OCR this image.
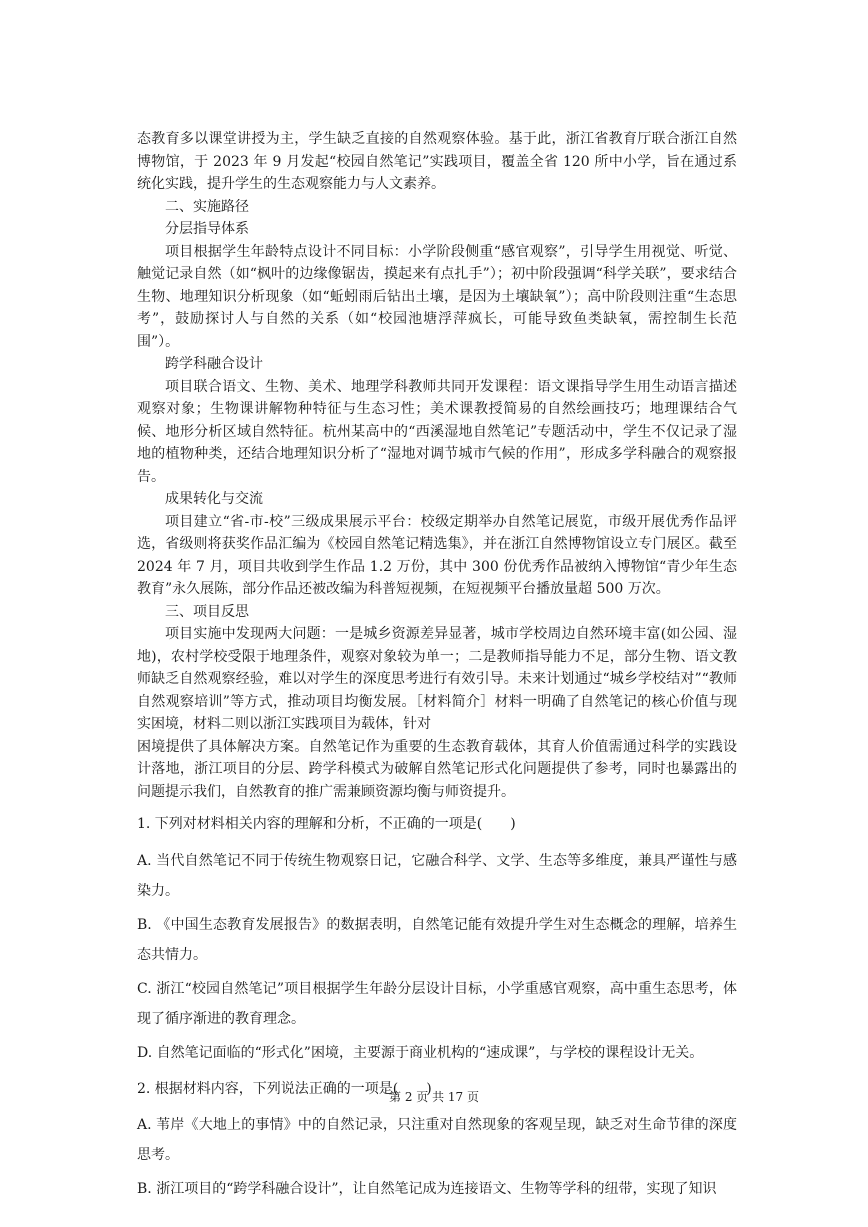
态教育多以课堂讲授为主，学生缺乏直接的自然观察体验。基于此，浙江省教育厅联合浙江自然博物馆，于 2023 年 9 月发起“校园自然笔记”实践项目，覆盖全省 120 所中小学，旨在通过系统化实践，提升学生的生态观察能力与人文素养。

二、实施路径

分层指导体系

项目根据学生年龄特点设计不同目标：小学阶段侧重“感官观察”，引导学生用视觉、听觉、触觉记录自然（如“枫叶的边缘像锯齿，摸起来有点扎手”）；初中阶段强调“科学关联”，要求结合生物、地理知识分析现象（如“蚯蚓雨后钻出土壤，是因为土壤缺氧”）；高中阶段则注重“生态思考”，鼓励探讨人与自然的关系（如“校园池塘浮萍疯长，可能导致鱼类缺氧，需控制生长范围”）。

跨学科融合设计

项目联合语文、生物、美术、地理学科教师共同开发课程：语文课指导学生用生动语言描述观察对象；生物课讲解物种特征与生态习性；美术课教授简易的自然绘画技巧；地理课结合气候、地形分析区域自然特征。杭州某高中的“西溪湿地自然笔记”专题活动中，学生不仅记录了湿地的植物种类，还结合地理知识分析了“湿地对调节城市气候的作用”，形成多学科融合的观察报告。

成果转化与交流

项目建立“省-市-校”三级成果展示平台：校级定期举办自然笔记展览，市级开展优秀作品评选，省级则将获奖作品汇编为《校园自然笔记精选集》，并在浙江自然博物馆设立专门展区。截至 2024 年 7 月，项目共收到学生作品 1.2 万份，其中 300 份优秀作品被纳入博物馆“青少年生态教育”永久展陈，部分作品还被改编为科普短视频，在短视频平台播放量超 500 万次。

三、项目反思

项目实施中发现两大问题：一是城乡资源差异显著，城市学校周边自然环境丰富(如公园、湿地)，农村学校受限于地理条件，观察对象较为单一；二是教师指导能力不足，部分生物、语文教师缺乏自然观察经验，难以对学生的深度思考进行有效引导。未来计划通过“城乡学校结对”“教师自然观察培训”等方式，推动项目均衡发展。［材料简介］材料一明确了自然笔记的核心价值与现实困境，材料二则以浙江实践项目为载体，针对

困境提供了具体解决方案。自然笔记作为重要的生态教育载体，其育人价值需通过科学的实践设计落地，浙江项目的分层、跨学科模式为破解自然笔记形式化问题提供了参考，同时也暴露出的问题提示我们，自然教育的推广需兼顾资源均衡与师资提升。

1. 下列对材料相关内容的理解和分析，不正确的一项是(　　)

A. 当代自然笔记不同于传统生物观察日记，它融合科学、文学、生态等多维度，兼具严谨性与感染力。

B. 《中国生态教育发展报告》的数据表明，自然笔记能有效提升学生对生态概念的理解，培养生态共情力。

C. 浙江“校园自然笔记”项目根据学生年龄分层设计目标，小学重感官观察，高中重生态思考，体现了循序渐进的教育理念。

D. 自然笔记面临的“形式化”困境，主要源于商业机构的“速成课”，与学校的课程设计无关。

2. 根据材料内容，下列说法正确的一项是(　　)

A. 苇岸《大地上的事情》中的自然记录，只注重对自然现象的客观呈现，缺乏对生命节律的深度思考。

B. 浙江项目的“跨学科融合设计”，让自然笔记成为连接语文、生物等学科的纽带，实现了知识

第 2 页 共 17 页
